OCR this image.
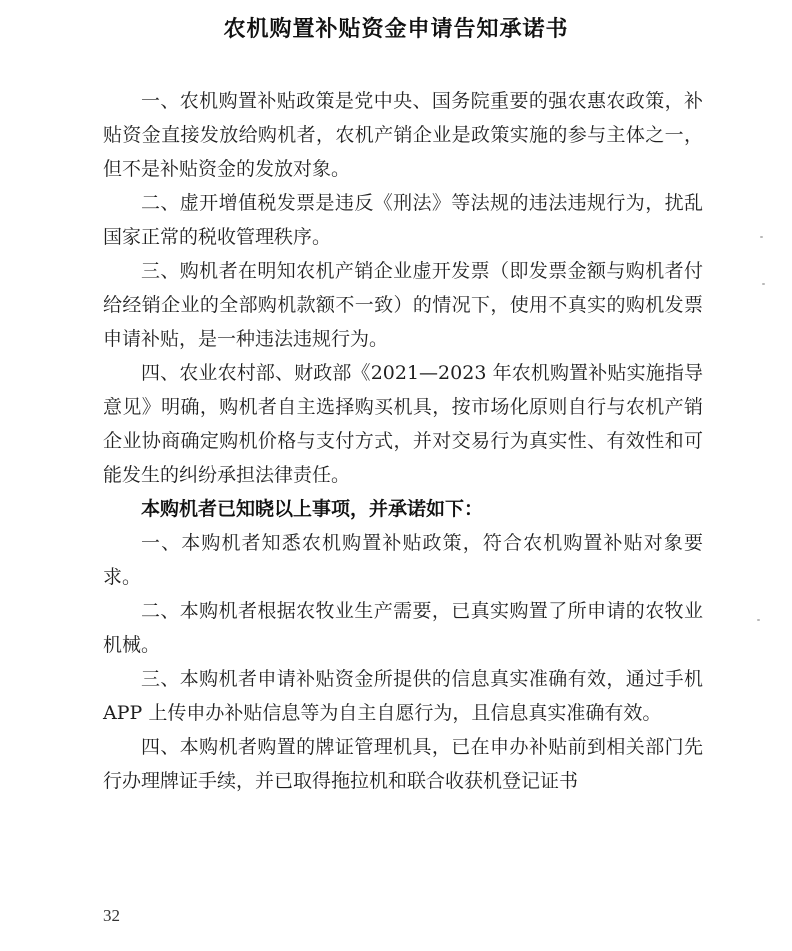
农机购置补贴资金申请告知承诺书

一、农机购置补贴政策是党中央、国务院重要的强农惠农政策，补贴资金直接发放给购机者，农机产销企业是政策实施的参与主体之一，但不是补贴资金的发放对象。

二、虚开增值税发票是违反《刑法》等法规的违法违规行为，扰乱国家正常的税收管理秩序。

三、购机者在明知农机产销企业虚开发票（即发票金额与购机者付给经销企业的全部购机款额不一致）的情况下，使用不真实的购机发票申请补贴，是一种违法违规行为。

四、农业农村部、财政部《2021—2023 年农机购置补贴实施指导意见》明确，购机者自主选择购买机具，按市场化原则自行与农机产销企业协商确定购机价格与支付方式，并对交易行为真实性、有效性和可能发生的纠纷承担法律责任。

本购机者已知晓以上事项，并承诺如下：

一、本购机者知悉农机购置补贴政策，符合农机购置补贴对象要求。

二、本购机者根据农牧业生产需要，已真实购置了所申请的农牧业机械。

三、本购机者申请补贴资金所提供的信息真实准确有效，通过手机 APP 上传申办补贴信息等为自主自愿行为，且信息真实准确有效。

四、本购机者购置的牌证管理机具，已在申办补贴前到相关部门先行办理牌证手续，并已取得拖拉机和联合收获机登记证书

32
